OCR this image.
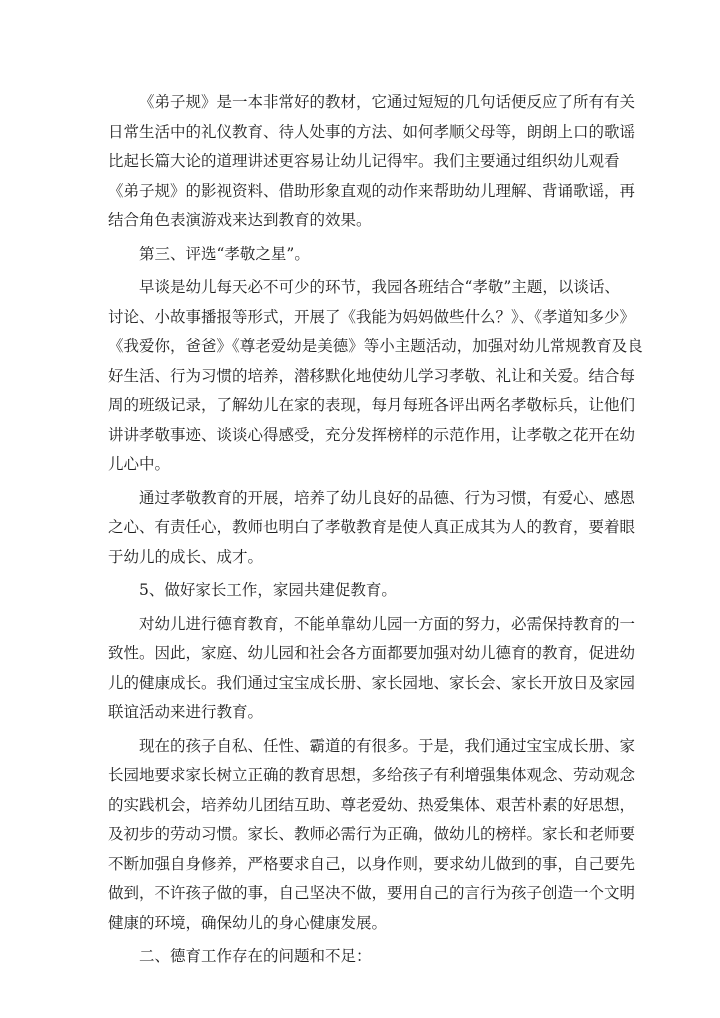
《弟子规》是一本非常好的教材，它通过短短的几句话便反应了所有有关
日常生活中的礼仪教育、待人处事的方法、如何孝顺父母等，朗朗上口的歌谣
比起长篇大论的道理讲述更容易让幼儿记得牢。我们主要通过组织幼儿观看
《弟子规》的影视资料、借助形象直观的动作来帮助幼儿理解、背诵歌谣，再
结合角色表演游戏来达到教育的效果。
第三、评选“孝敬之星”。
早谈是幼儿每天必不可少的环节，我园各班结合“孝敬”主题，以谈话、
讨论、小故事播报等形式，开展了《我能为妈妈做些什么？》、《孝道知多少》
《我爱你，爸爸》《尊老爱幼是美德》等小主题活动，加强对幼儿常规教育及良
好生活、行为习惯的培养，潜移默化地使幼儿学习孝敬、礼让和关爱。结合每
周的班级记录，了解幼儿在家的表现，每月每班各评出两名孝敬标兵，让他们
讲讲孝敬事迹、谈谈心得感受，充分发挥榜样的示范作用，让孝敬之花开在幼
儿心中。
通过孝敬教育的开展，培养了幼儿良好的品德、行为习惯，有爱心、感恩
之心、有责任心，教师也明白了孝敬教育是使人真正成其为人的教育，要着眼
于幼儿的成长、成才。
5、做好家长工作，家园共建促教育。
对幼儿进行德育教育，不能单靠幼儿园一方面的努力，必需保持教育的一
致性。因此，家庭、幼儿园和社会各方面都要加强对幼儿德育的教育，促进幼
儿的健康成长。我们通过宝宝成长册、家长园地、家长会、家长开放日及家园
联谊活动来进行教育。
现在的孩子自私、任性、霸道的有很多。于是，我们通过宝宝成长册、家
长园地要求家长树立正确的教育思想，多给孩子有利增强集体观念、劳动观念
的实践机会，培养幼儿团结互助、尊老爱幼、热爱集体、艰苦朴素的好思想，
及初步的劳动习惯。家长、教师必需行为正确，做幼儿的榜样。家长和老师要
不断加强自身修养，严格要求自己，以身作则，要求幼儿做到的事，自己要先
做到，不许孩子做的事，自己坚决不做，要用自己的言行为孩子创造一个文明
健康的环境，确保幼儿的身心健康发展。
二、德育工作存在的问题和不足：
